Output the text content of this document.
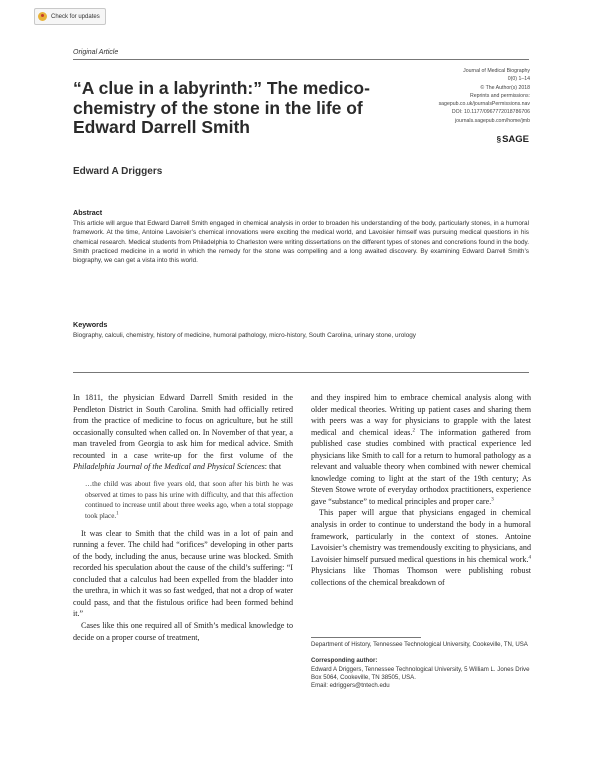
Check for updates
Original Article
“A clue in a labyrinth:” The medico-chemistry of the stone in the life of Edward Darrell Smith
Journal of Medical Biography
0(0) 1–14
© The Author(s) 2018
Reprints and permissions:
sagepub.co.uk/journalsPermissions.nav
DOI: 10.1177/0967772018786706
journals.sagepub.com/home/jmb
§ SAGE
Edward A Driggers

Abstract

This article will argue that Edward Darrell Smith engaged in chemical analysis in order to broaden his understanding of the body, particularly stones, in a humoral framework. At the time, Antoine Lavoisier’s chemical innovations were exciting the medical world, and Lavoisier himself was pursuing medical questions in his chemical research. Medical students from Philadelphia to Charleston were writing dissertations on the different types of stones and concretions found in the body. Smith practiced medicine in a world in which the remedy for the stone was compelling and a long awaited discovery. By examining Edward Darrell Smith’s biography, we can get a vista into this world.

Keywords

Biography, calculi, chemistry, history of medicine, humoral pathology, micro-history, South Carolina, urinary stone, urology

In 1811, the physician Edward Darrell Smith resided in the Pendleton District in South Carolina. Smith had officially retired from the practice of medicine to focus on agriculture, but he still occasionally consulted when called on. In November of that year, a man traveled from Georgia to ask him for medical advice. Smith recounted in a case write-up for the first volume of the Philadelphia Journal of the Medical and Physical Sciences: that

…the child was about five years old, that soon after his birth he was observed at times to pass his urine with difficulty, and that this affection continued to increase until about three weeks ago, when a total stoppage took place.$^1$

It was clear to Smith that the child was in a lot of pain and running a fever. The child had “orifices” developing in other parts of the body, including the anus, because urine was blocked. Smith recorded his speculation about the cause of the child’s suffering: “I concluded that a calculus had been expelled from the bladder into the urethra, in which it was so fast wedged, that not a drop of water could pass, and that the fistulous orifice had been formed behind it.”

Cases like this one required all of Smith’s medical knowledge to decide on a proper course of treatment,

and they inspired him to embrace chemical analysis along with older medical theories. Writing up patient cases and sharing them with peers was a way for physicians to grapple with the latest medical and chemical ideas.$^2$ The information gathered from published case studies combined with practical experience led physicians like Smith to call for a return to humoral pathology as a relevant and valuable theory when combined with newer chemical knowledge coming to light at the start of the 19th century; As Steven Stowe wrote of everyday orthodox practitioners, experience gave “substance” to medical principles and proper care.$^3$

This paper will argue that physicians engaged in chemical analysis in order to continue to understand the body in a humoral framework, particularly in the context of stones. Antoine Lavoisier’s chemistry was tremendously exciting to physicians, and Lavoisier himself pursued medical questions in his chemical work.$^4$ Physicians like Thomas Thomson were publishing robust collections of the chemical breakdown of

Department of History, Tennessee Technological University, Cookeville, TN, USA

Corresponding author:

Edward A Driggers, Tennessee Technological University, 5 William L. Jones Drive Box 5064, Cookeville, TN 38505, USA.

Email: edriggers@tntech.edu
